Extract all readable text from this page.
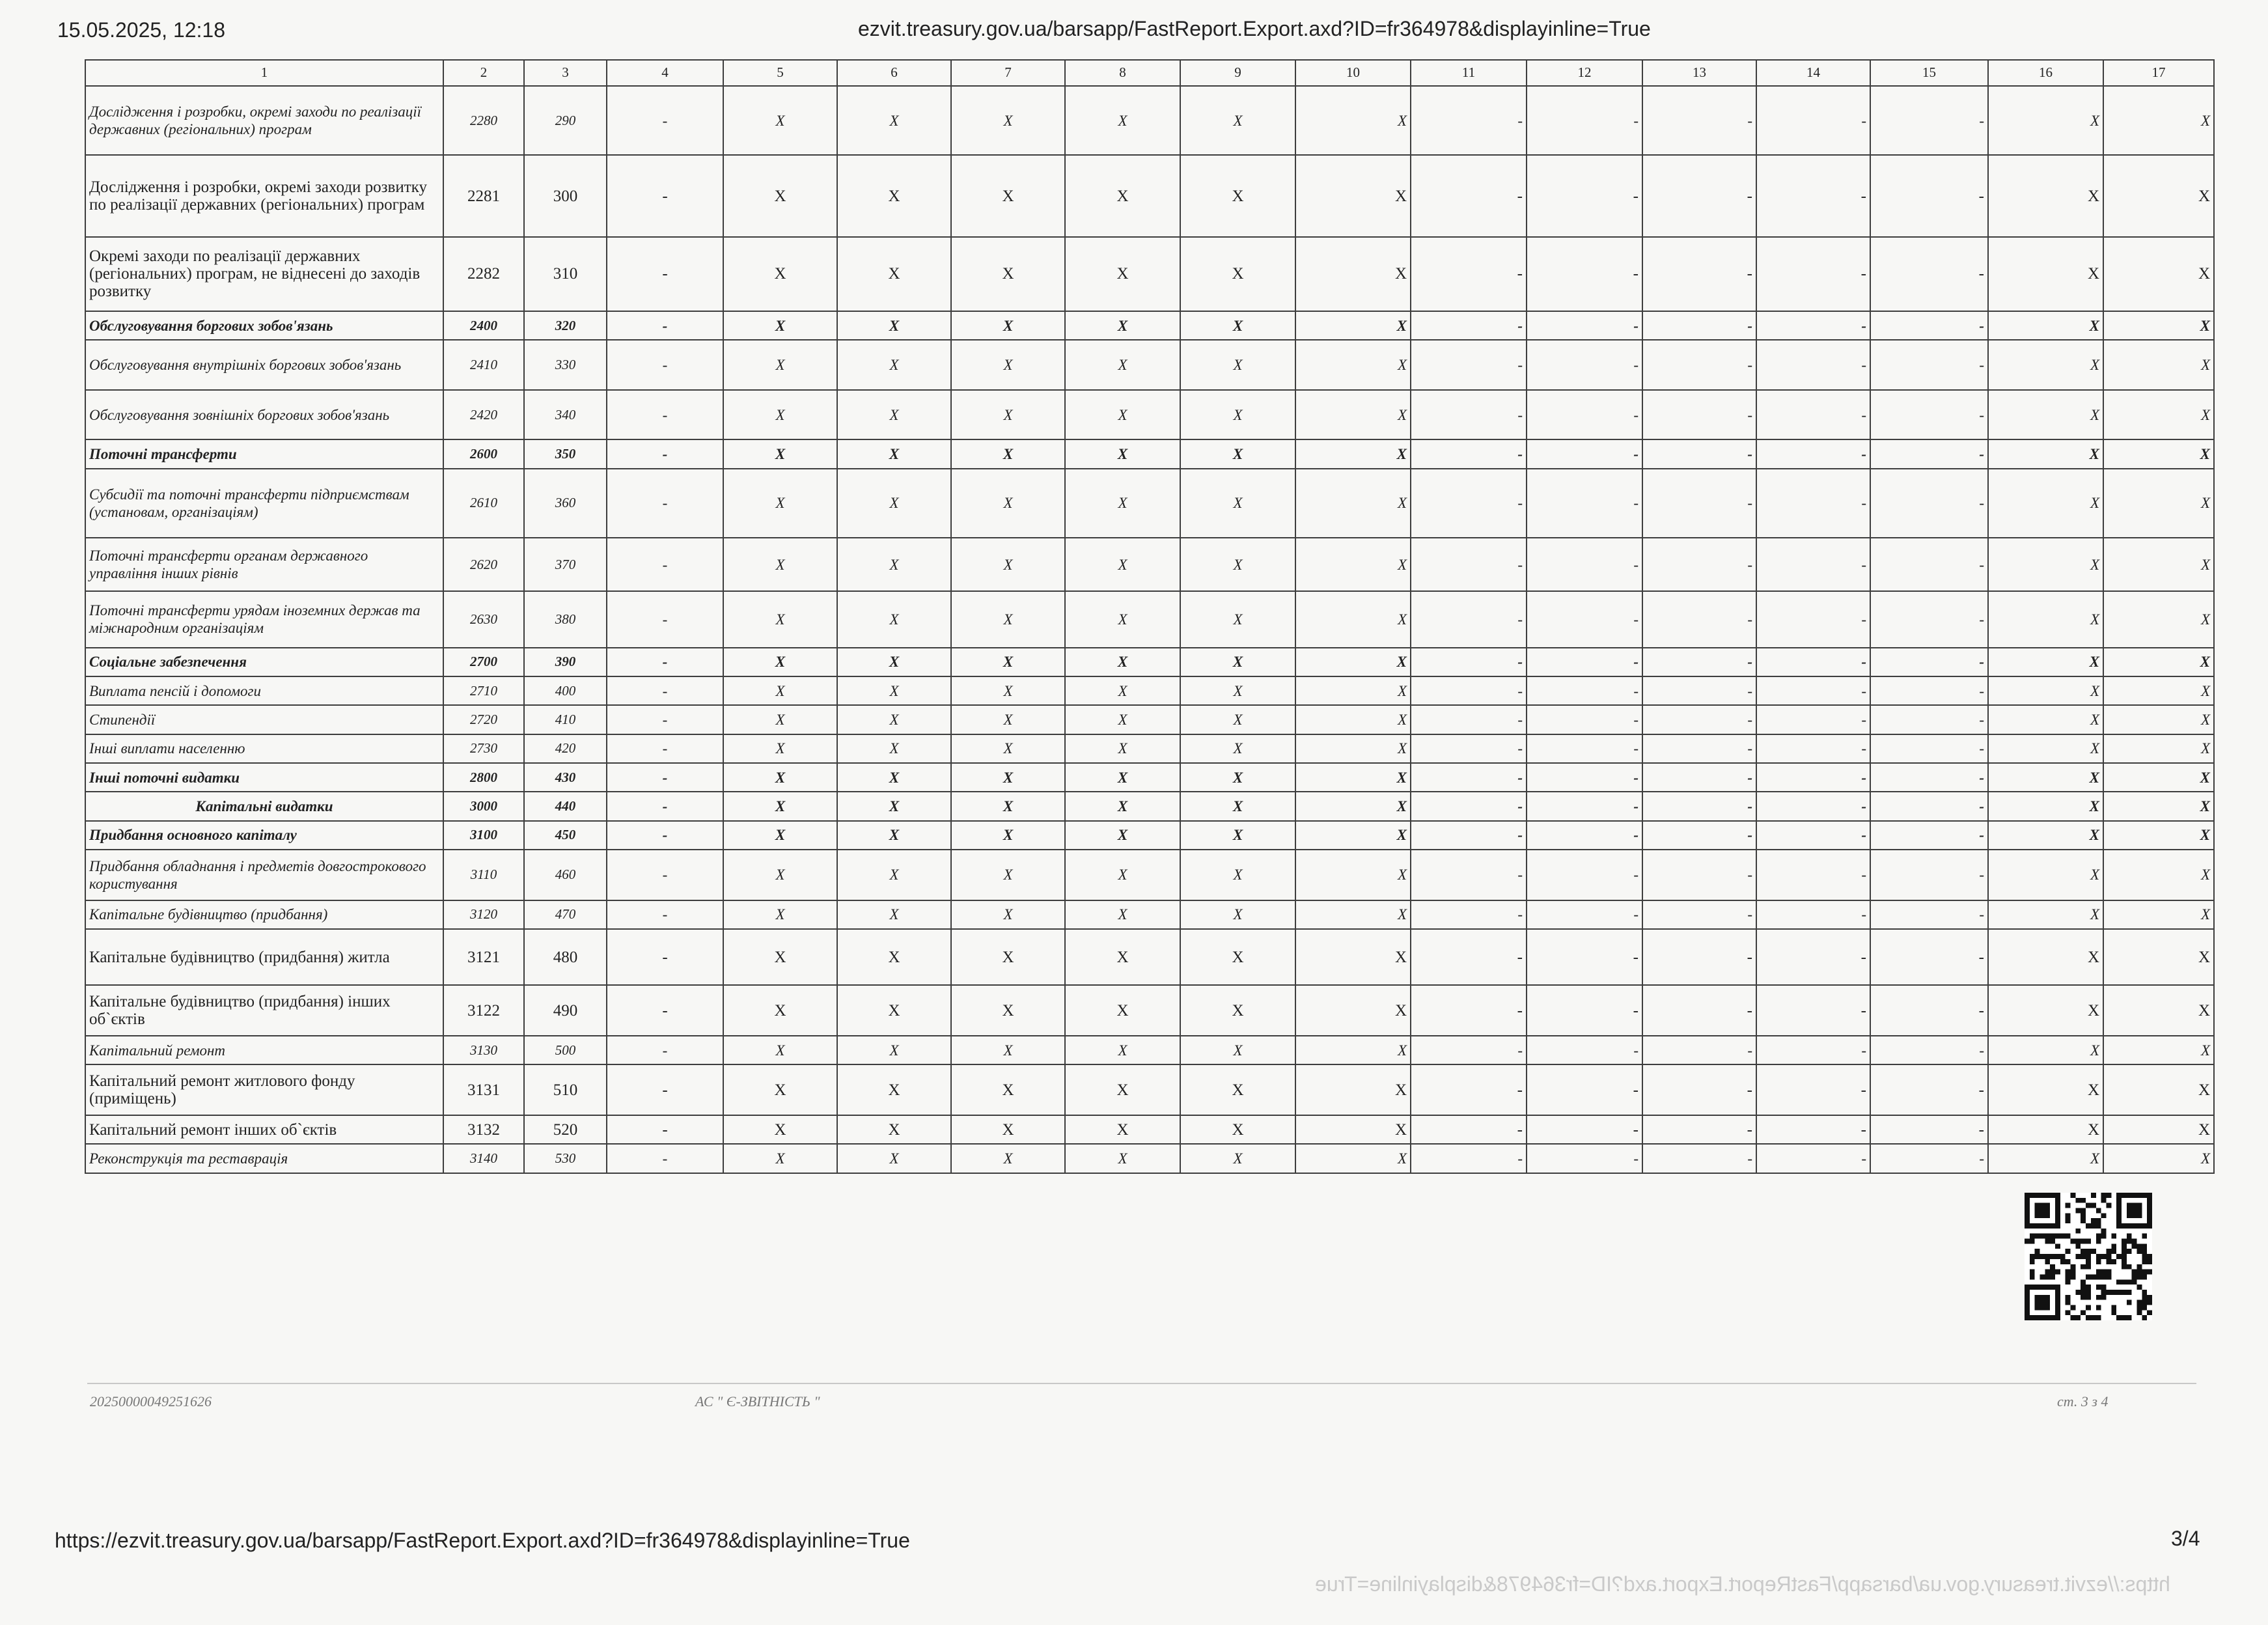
15.05.2025, 12:18	ezvit.treasury.gov.ua/barsapp/FastReport.Export.axd?ID=fr364978&displayinline=True
1	2	3	4	5	6	7	8	9	10	11	12	13	14	15	16	17
Дослідження і розробки, окремі заходи по реалізації державних (регіональних) програм	2280	290	-	X	X	X	X	X	X	-	-	-	-	-	X	X
Дослідження і розробки, окремі заходи розвитку по реалізації державних (регіональних) програм	2281	300	-	X	X	X	X	X	X	-	-	-	-	-	X	X
Окремі заходи по реалізації державних (регіональних) програм, не віднесені до заходів розвитку	2282	310	-	X	X	X	X	X	X	-	-	-	-	-	X	X
Обслуговування боргових зобов'язань	2400	320	-	X	X	X	X	X	X	-	-	-	-	-	X	X
Обслуговування внутрішніх боргових зобов'язань	2410	330	-	X	X	X	X	X	X	-	-	-	-	-	X	X
Обслуговування зовнішніх боргових зобов'язань	2420	340	-	X	X	X	X	X	X	-	-	-	-	-	X	X
Поточні трансферти	2600	350	-	X	X	X	X	X	X	-	-	-	-	-	X	X
Субсидії та поточні трансферти підприємствам (установам, організаціям)	2610	360	-	X	X	X	X	X	X	-	-	-	-	-	X	X
Поточні трансферти органам державного управління інших рівнів	2620	370	-	X	X	X	X	X	X	-	-	-	-	-	X	X
Поточні трансферти урядам іноземних держав та міжнародним організаціям	2630	380	-	X	X	X	X	X	X	-	-	-	-	-	X	X
Соціальне забезпечення	2700	390	-	X	X	X	X	X	X	-	-	-	-	-	X	X
Виплата пенсій і допомоги	2710	400	-	X	X	X	X	X	X	-	-	-	-	-	X	X
Стипендії	2720	410	-	X	X	X	X	X	X	-	-	-	-	-	X	X
Інші виплати населенню	2730	420	-	X	X	X	X	X	X	-	-	-	-	-	X	X
Інші поточні видатки	2800	430	-	X	X	X	X	X	X	-	-	-	-	-	X	X
Капітальні видатки	3000	440	-	X	X	X	X	X	X	-	-	-	-	-	X	X
Придбання основного капіталу	3100	450	-	X	X	X	X	X	X	-	-	-	-	-	X	X
Придбання обладнання і предметів довгострокового користування	3110	460	-	X	X	X	X	X	X	-	-	-	-	-	X	X
Капітальне будівництво (придбання)	3120	470	-	X	X	X	X	X	X	-	-	-	-	-	X	X
Капітальне будівництво (придбання) житла	3121	480	-	X	X	X	X	X	X	-	-	-	-	-	X	X
Капітальне будівництво (придбання) інших об`єктів	3122	490	-	X	X	X	X	X	X	-	-	-	-	-	X	X
Капітальний ремонт	3130	500	-	X	X	X	X	X	X	-	-	-	-	-	X	X
Капітальний ремонт житлового фонду (приміщень)	3131	510	-	X	X	X	X	X	X	-	-	-	-	-	X	X
Капітальний ремонт інших об`єктів	3132	520	-	X	X	X	X	X	X	-	-	-	-	-	X	X
Реконструкція та реставрація	3140	530	-	X	X	X	X	X	X	-	-	-	-	-	X	X
20250000049251626	АС " Є-ЗВІТНІСТЬ "	ст. 3 з 4
https://ezvit.treasury.gov.ua/barsapp/FastReport.Export.axd?ID=fr364978&displayinline=True	3/4
https://ezvit.treasury.gov.ua/barsapp/FastReport.Export.axd?ID=fr364978&displayinline=True
